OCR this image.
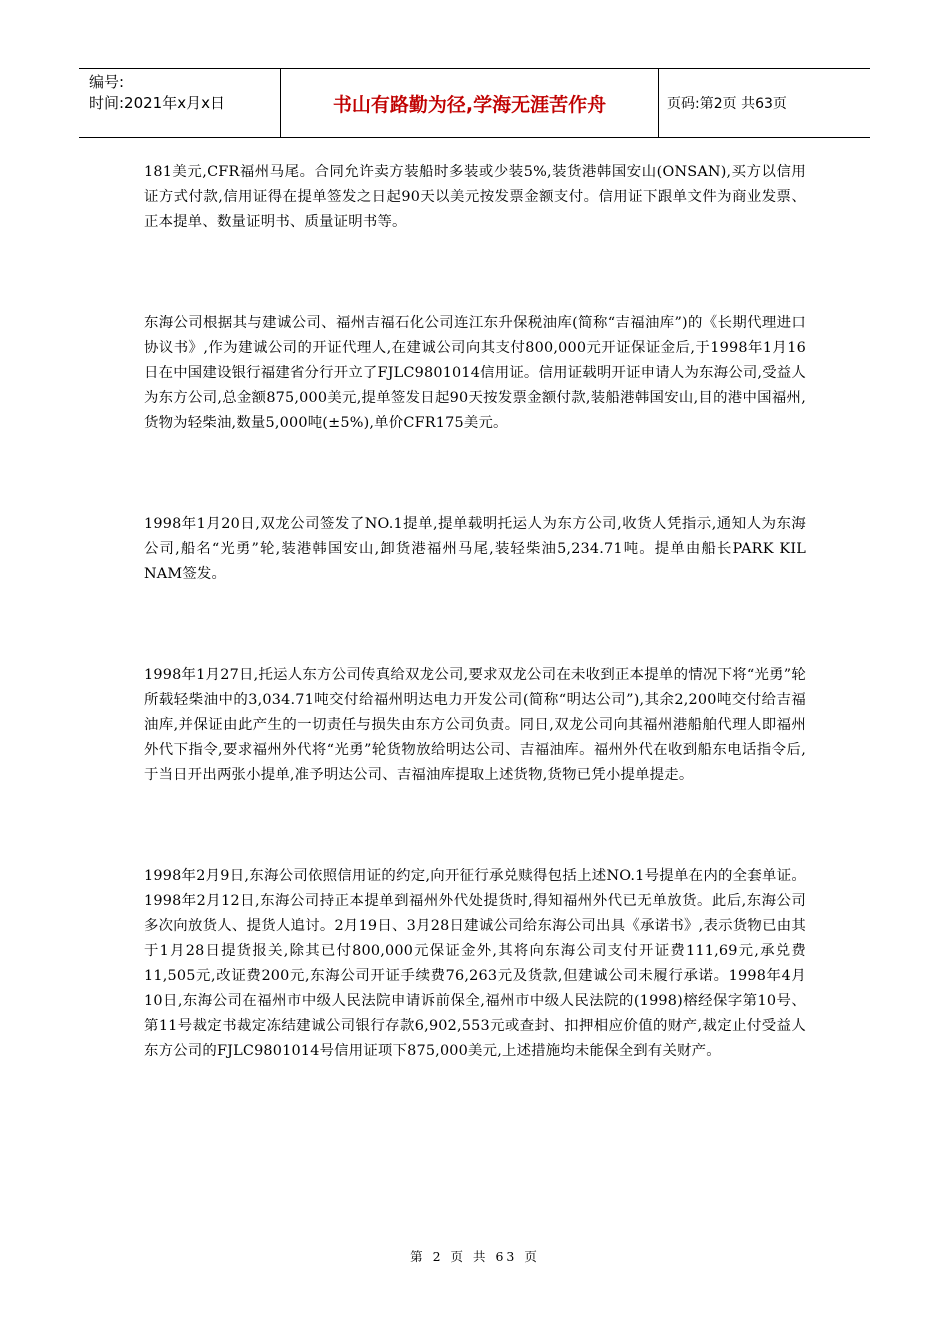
编号:
时间:2021年x月x日	书山有路勤为径,学海无涯苦作舟	页码:第2页 共63页

181美元,CFR福州马尾。合同允许卖方装船时多装或少装5%,装货港韩国安山(ONSAN),买方以信用证方式付款,信用证得在提单签发之日起90天以美元按发票金额支付。信用证下跟单文件为商业发票、正本提单、数量证明书、质量证明书等。

东海公司根据其与建诚公司、福州吉福石化公司连江东升保税油库(简称“吉福油库”)的《长期代理进口协议书》,作为建诚公司的开证代理人,在建诚公司向其支付800,000元开证保证金后,于1998年1月16日在中国建设银行福建省分行开立了FJLC9801014信用证。信用证载明开证申请人为东海公司,受益人为东方公司,总金额875,000美元,提单签发日起90天按发票金额付款,装船港韩国安山,目的港中国福州,货物为轻柴油,数量5,000吨(±5%),单价CFR175美元。

1998年1月20日,双龙公司签发了NO.1提单,提单载明托运人为东方公司,收货人凭指示,通知人为东海公司,船名“光勇”轮,装港韩国安山,卸货港福州马尾,装轻柴油5,234.71吨。提单由船长PARK KIL NAM签发。

1998年1月27日,托运人东方公司传真给双龙公司,要求双龙公司在未收到正本提单的情况下将“光勇”轮所载轻柴油中的3,034.71吨交付给福州明达电力开发公司(简称“明达公司”),其余2,200吨交付给吉福油库,并保证由此产生的一切责任与损失由东方公司负责。同日,双龙公司向其福州港船舶代理人即福州外代下指令,要求福州外代将“光勇”轮货物放给明达公司、吉福油库。福州外代在收到船东电话指令后,于当日开出两张小提单,准予明达公司、吉福油库提取上述货物,货物已凭小提单提走。

1998年2月9日,东海公司依照信用证的约定,向开征行承兑赎得包括上述NO.1号提单在内的全套单证。1998年2月12日,东海公司持正本提单到福州外代处提货时,得知福州外代已无单放货。此后,东海公司多次向放货人、提货人追讨。2月19日、3月28日建诚公司给东海公司出具《承诺书》,表示货物已由其于1月28日提货报关,除其已付800,000元保证金外,其将向东海公司支付开证费111,69元,承兑费11,505元,改证费200元,东海公司开证手续费76,263元及货款,但建诚公司未履行承诺。1998年4月10日,东海公司在福州市中级人民法院申请诉前保全,福州市中级人民法院的(1998)榕经保字第10号、第11号裁定书裁定冻结建诚公司银行存款6,902,553元或查封、扣押相应价值的财产,裁定止付受益人东方公司的FJLC9801014号信用证项下875,000美元,上述措施均未能保全到有关财产。

第 2 页 共 63 页
